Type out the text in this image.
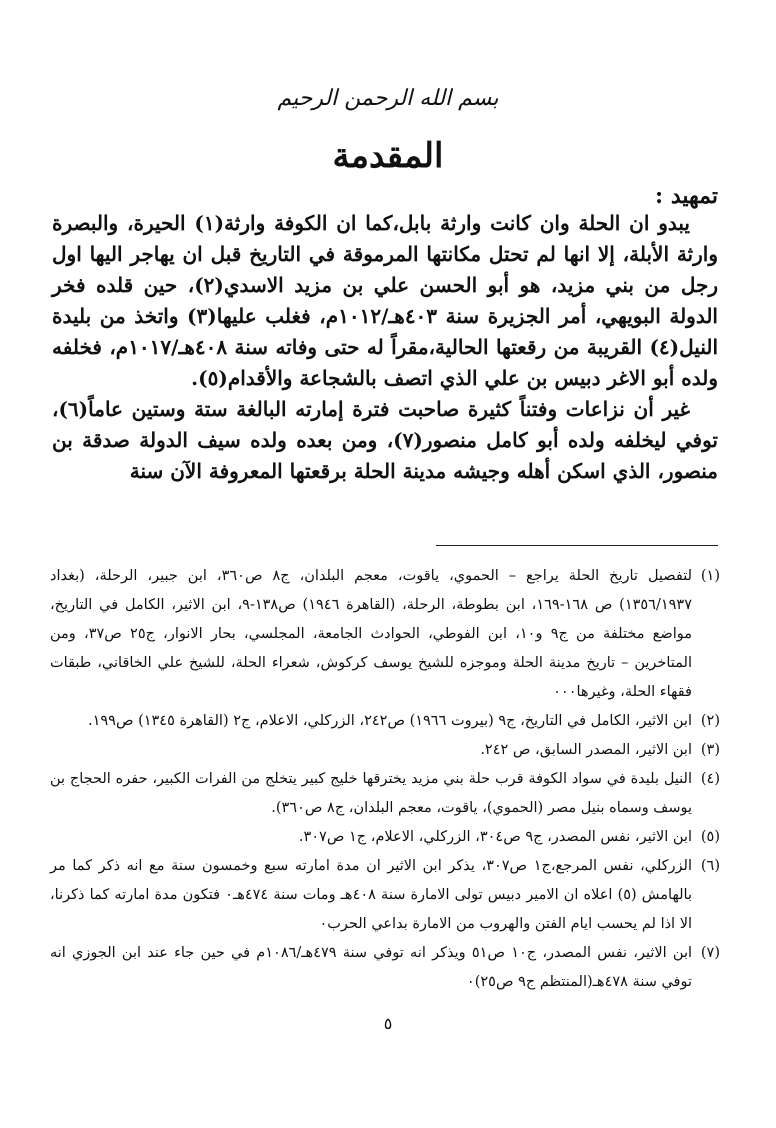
بسم الله الرحمن الرحيم
المقدمة
تمهيد :

يبدو ان الحلة وان كانت وارثة بابل،كما ان الكوفة وارثة(١) الحيرة، والبصرة وارثة الأبلة، إلا انها لم تحتل مكانتها المرموقة في التاريخ قبل ان يهاجر اليها اول رجل من بني مزيد، هو أبو الحسن علي بن مزيد الاسدي(٢)، حين قلده فخر الدولة البويهي، أمر الجزيرة سنة ٤٠٣هـ/١٠١٢م، فغلب عليها(٣) واتخذ من بليدة النيل(٤) القريبة من رقعتها الحالية،مقراً له حتى وفاته سنة ٤٠٨هـ/١٠١٧م، فخلفه ولده أبو الاغر دبيس بن علي الذي اتصف بالشجاعة والأقدام(٥).

غير أن نزاعات وفتناً كثيرة صاحبت فترة إمارته البالغة ستة وستين عاماً(٦)، توفي ليخلفه ولده أبو كامل منصور(٧)، ومن بعده ولده سيف الدولة صدقة بن منصور، الذي اسكن أهله وجيشه مدينة الحلة برقعتها المعروفة الآن سنة

(١)
لتفصيل تاريخ الحلة يراجع – الحموي، ياقوت، معجم البلدان، ج٨ ص٣٦٠، ابن جبير، الرحلة، (بغداد ١٣٥٦/١٩٣٧) ص ١٦٨-١٦٩، ابن بطوطة، الرحلة، (القاهرة ١٩٤٦) ص١٣٨-٩، ابن الاثير، الكامل في التاريخ، مواضع مختلفة من ج٩ و١٠، ابن الفوطي، الحوادث الجامعة، المجلسي، بحار الانوار، ج٢٥ ص٣٧، ومن المتاخرين – تاريخ مدينة الحلة وموجزه للشيخ يوسف كركوش، شعراء الحلة، للشيخ علي الخاقاني، طبقات فقهاء الحلة، وغيرها٠٠٠
(٢)
ابن الاثير، الكامل في التاريخ، ج٩ (بيروت ١٩٦٦) ص٢٤٢، الزركلي، الاعلام، ج٢ (القاهرة ١٣٤٥) ص١٩٩.
(٣)
ابن الاثير، المصدر السابق، ص ٢٤٢.
(٤)
النيل بليدة في سواد الكوفة قرب حلة بني مزيد يخترقها خليج كبير يتخلج من الفرات الكبير، حفره الحجاج بن يوسف وسماه بنيل مصر (الحموي)، ياقوت، معجم البلدان، ج٨ ص٣٦٠).
(٥)
ابن الاثير، نفس المصدر، ج٩ ص٣٠٤، الزركلي، الاعلام، ج١ ص٣٠٧.
(٦)
الزركلي، نفس المرجع،ج١ ص٣٠٧، يذكر ابن الاثير ان مدة امارته سبع وخمسون سنة مع انه ذكر كما مر بالهامش (٥) اعلاه ان الامير دبيس تولى الامارة سنة ٤٠٨هـ ومات سنة ٤٧٤هـ٠ فتكون مدة امارته كما ذكرنا، الا اذا لم يحسب ايام الفتن والهروب من الامارة بداعي الحرب٠
(٧)
ابن الاثير، نفس المصدر، ج١٠ ص٥١ ويذكر انه توفي سنة ٤٧٩هـ/١٠٨٦م في حين جاء عند ابن الجوزي انه توفي سنة ٤٧٨هـ(المنتظم ج٩ ص٢٥)٠
٥
